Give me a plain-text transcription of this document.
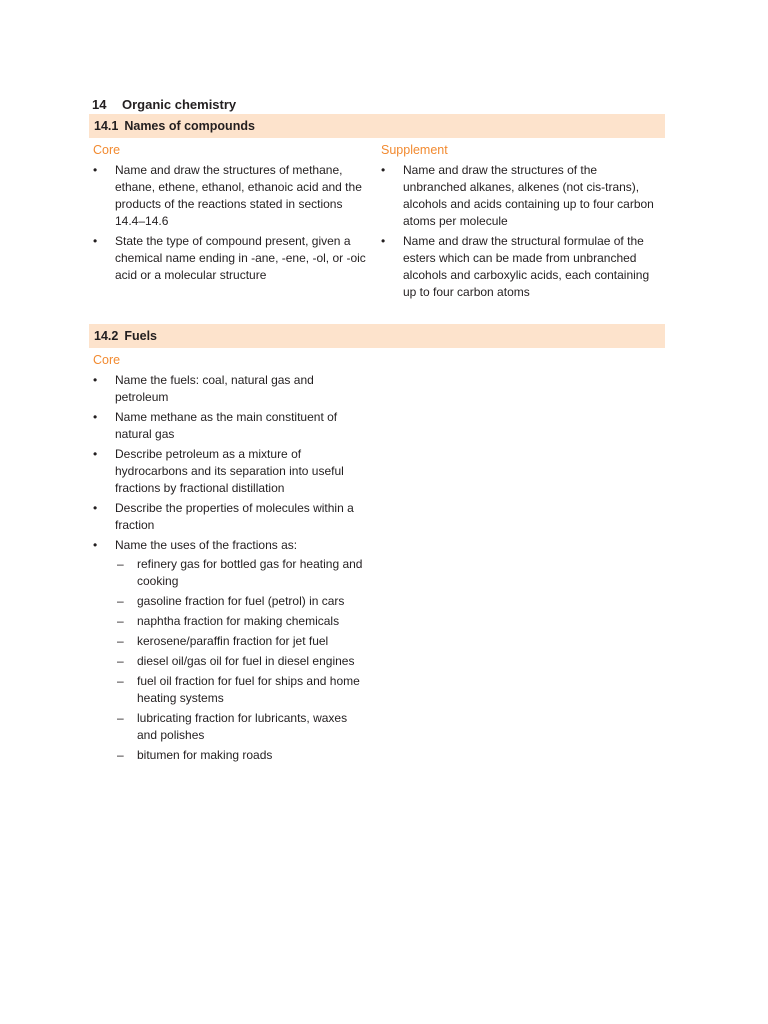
14 Organic chemistry
14.1 Names of compounds
Core
• Name and draw the structures of methane, ethane, ethene, ethanol, ethanoic acid and the products of the reactions stated in sections 14.4–14.6
• State the type of compound present, given a chemical name ending in -ane, -ene, -ol, or -oic acid or a molecular structure
Supplement
• Name and draw the structures of the unbranched alkanes, alkenes (not cis-trans), alcohols and acids containing up to four carbon atoms per molecule
• Name and draw the structural formulae of the esters which can be made from unbranched alcohols and carboxylic acids, each containing up to four carbon atoms
14.2 Fuels
Core
• Name the fuels: coal, natural gas and petroleum
• Name methane as the main constituent of natural gas
• Describe petroleum as a mixture of hydrocarbons and its separation into useful fractions by fractional distillation
• Describe the properties of molecules within a fraction
• Name the uses of the fractions as:
– refinery gas for bottled gas for heating and cooking
– gasoline fraction for fuel (petrol) in cars
– naphtha fraction for making chemicals
– kerosene/paraffin fraction for jet fuel
– diesel oil/gas oil for fuel in diesel engines
– fuel oil fraction for fuel for ships and home heating systems
– lubricating fraction for lubricants, waxes and polishes
– bitumen for making roads
